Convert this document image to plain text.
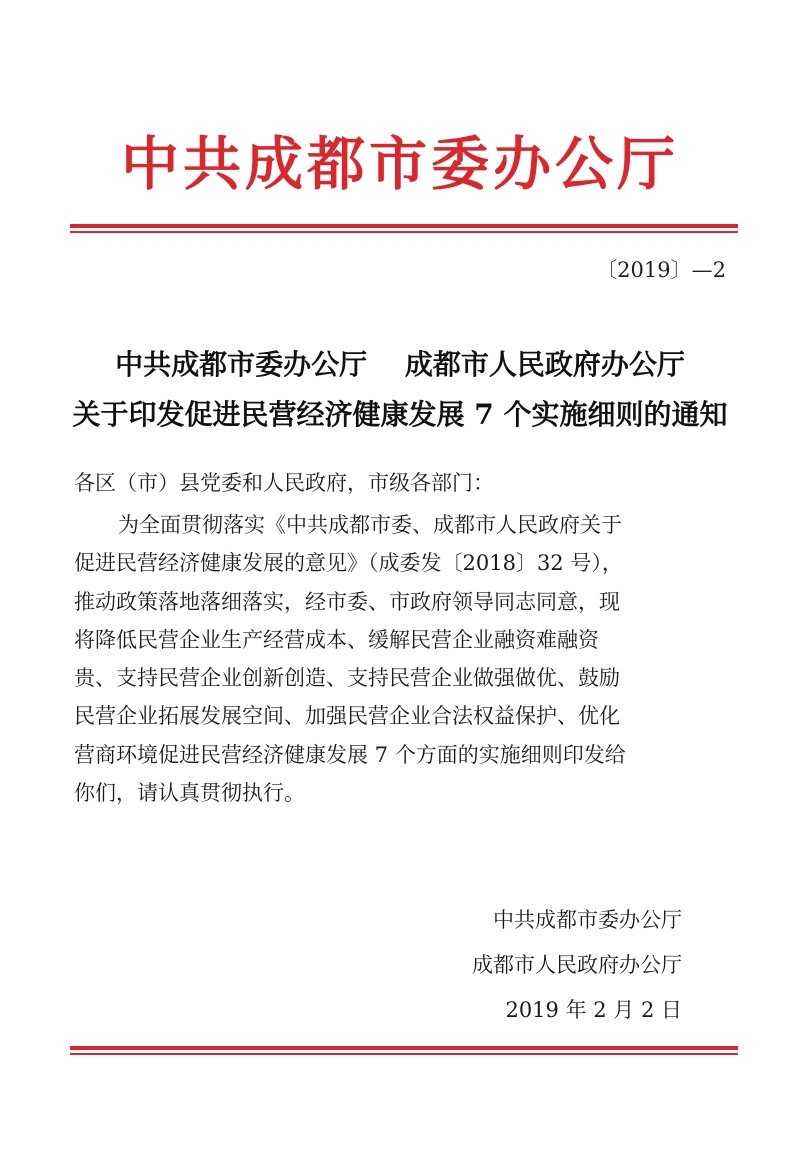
中共成都市委办公厅
〔2019〕—2
中共成都市委办公厅　 成都市人民政府办公厅
关于印发促进民营经济健康发展 7 个实施细则的通知
各区（市）县党委和人民政府，市级各部门：
为全面贯彻落实《中共成都市委、成都市人民政府关于
促进民营经济健康发展的意见》（成委发〔2018〕32 号），
推动政策落地落细落实，经市委、市政府领导同志同意，现
将降低民营企业生产经营成本、缓解民营企业融资难融资
贵、支持民营企业创新创造、支持民营企业做强做优、鼓励
民营企业拓展发展空间、加强民营企业合法权益保护、优化
营商环境促进民营经济健康发展 7 个方面的实施细则印发给
你们，请认真贯彻执行。
中共成都市委办公厅
成都市人民政府办公厅
2019 年 2 月 2 日
